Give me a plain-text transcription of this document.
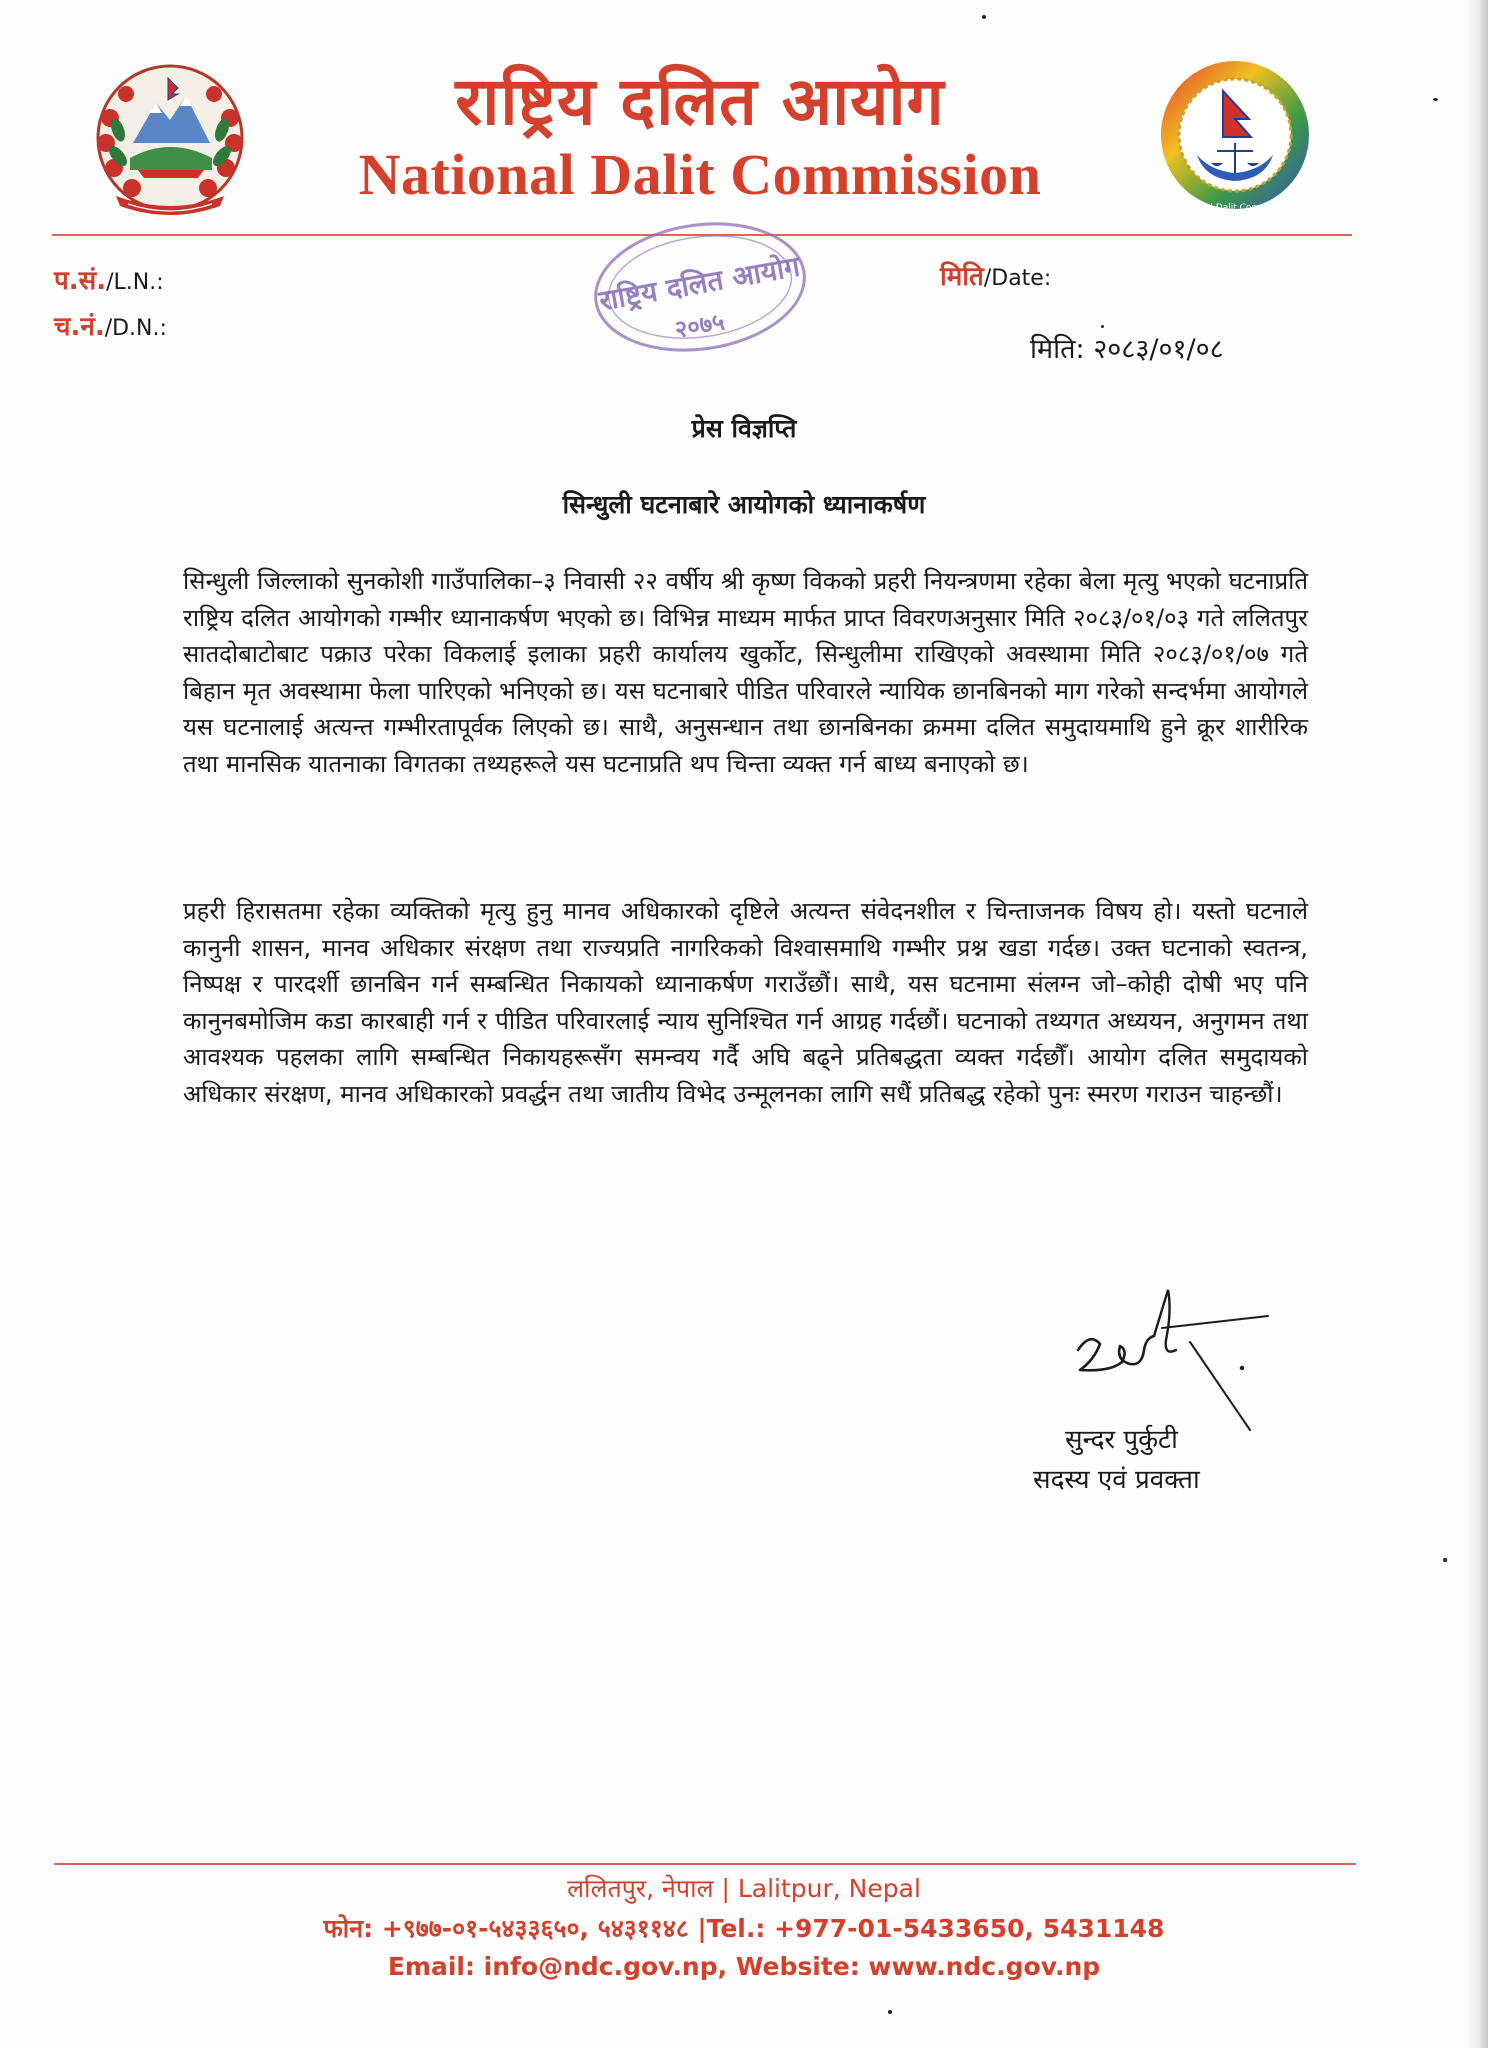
National Dalit Commission
राष्ट्रिय दलित आयोग
National Dalit Commission
प.सं./L.N.:
च.नं./D.N.:
मिति/Date:
राष्ट्रिय दलित आयोग
२०७५
मिति: २०८३/०१/०८
प्रेस विज्ञप्ति
सिन्धुली घटनाबारे आयोगको ध्यानाकर्षण
सिन्धुली जिल्लाको सुनकोशी गाउँपालिका–३ निवासी २२ वर्षीय श्री कृष्ण विकको प्रहरी नियन्त्रणमा रहेका बेला मृत्यु भएको घटनाप्रति राष्ट्रिय दलित आयोगको गम्भीर ध्यानाकर्षण भएको छ। विभिन्न माध्यम मार्फत प्राप्त विवरणअनुसार मिति २०८३/०१/०३ गते ललितपुर सातदोबाटोबाट पक्राउ परेका विकलाई इलाका प्रहरी कार्यालय खुर्कोट, सिन्धुलीमा राखिएको अवस्थामा मिति २०८३/०१/०७ गते बिहान मृत अवस्थामा फेला पारिएको भनिएको छ। यस घटनाबारे पीडित परिवारले न्यायिक छानबिनको माग गरेको सन्दर्भमा आयोगले यस घटनालाई अत्यन्त गम्भीरतापूर्वक लिएको छ। साथै, अनुसन्धान तथा छानबिनका क्रममा दलित समुदायमाथि हुने क्रूर शारीरिक तथा मानसिक यातनाका विगतका तथ्यहरूले यस घटनाप्रति थप चिन्ता व्यक्त गर्न बाध्य बनाएको छ।
प्रहरी हिरासतमा रहेका व्यक्तिको मृत्यु हुनु मानव अधिकारको दृष्टिले अत्यन्त संवेदनशील र चिन्ताजनक विषय हो। यस्तो घटनाले कानुनी शासन, मानव अधिकार संरक्षण तथा राज्यप्रति नागरिकको विश्वासमाथि गम्भीर प्रश्न खडा गर्दछ। उक्त घटनाको स्वतन्त्र, निष्पक्ष र पारदर्शी छानबिन गर्न सम्बन्धित निकायको ध्यानाकर्षण गराउँछौं। साथै, यस घटनामा संलग्न जो–कोही दोषी भए पनि कानुनबमोजिम कडा कारबाही गर्न र पीडित परिवारलाई न्याय सुनिश्चित गर्न आग्रह गर्दछौं। घटनाको तथ्यगत अध्ययन, अनुगमन तथा आवश्यक पहलका लागि सम्बन्धित निकायहरूसँग समन्वय गर्दै अघि बढ्ने प्रतिबद्धता व्यक्त गर्दछौँ। आयोग दलित समुदायको अधिकार संरक्षण, मानव अधिकारको प्रवर्द्धन तथा जातीय विभेद उन्मूलनका लागि सधैं प्रतिबद्ध रहेको पुनः स्मरण गराउन चाहन्छौं।
सुन्दर पुर्कुटी
सदस्य एवं प्रवक्ता
ललितपुर, नेपाल | Lalitpur, Nepal
फोन: +९७७-०१-५४३३६५०, ५४३११४८ |Tel.: +977-01-5433650, 5431148
Email: info@ndc.gov.np, Website: www.ndc.gov.np
